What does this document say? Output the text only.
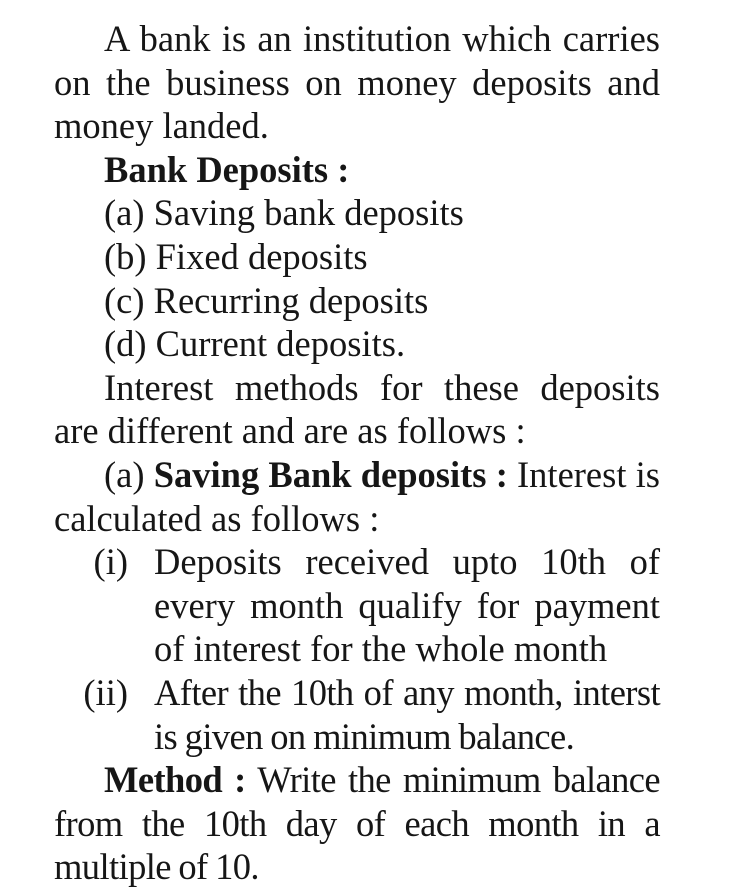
A bank is an institution which carries on the business on money deposits and money landed.

Bank Deposits :

(a) Saving bank deposits

(b) Fixed deposits

(c) Recurring deposits

(d) Current deposits.

Interest methods for these deposits are different and are as follows :

(a) Saving Bank deposits : Interest is calculated as follows :

(i) Deposits received upto 10th of every month qualify for payment of interest for the whole month

(ii) After the 10th of any month, interst is given on minimum balance.

Method : Write the minimum balance from the 10th day of each month in a multiple of 10.
